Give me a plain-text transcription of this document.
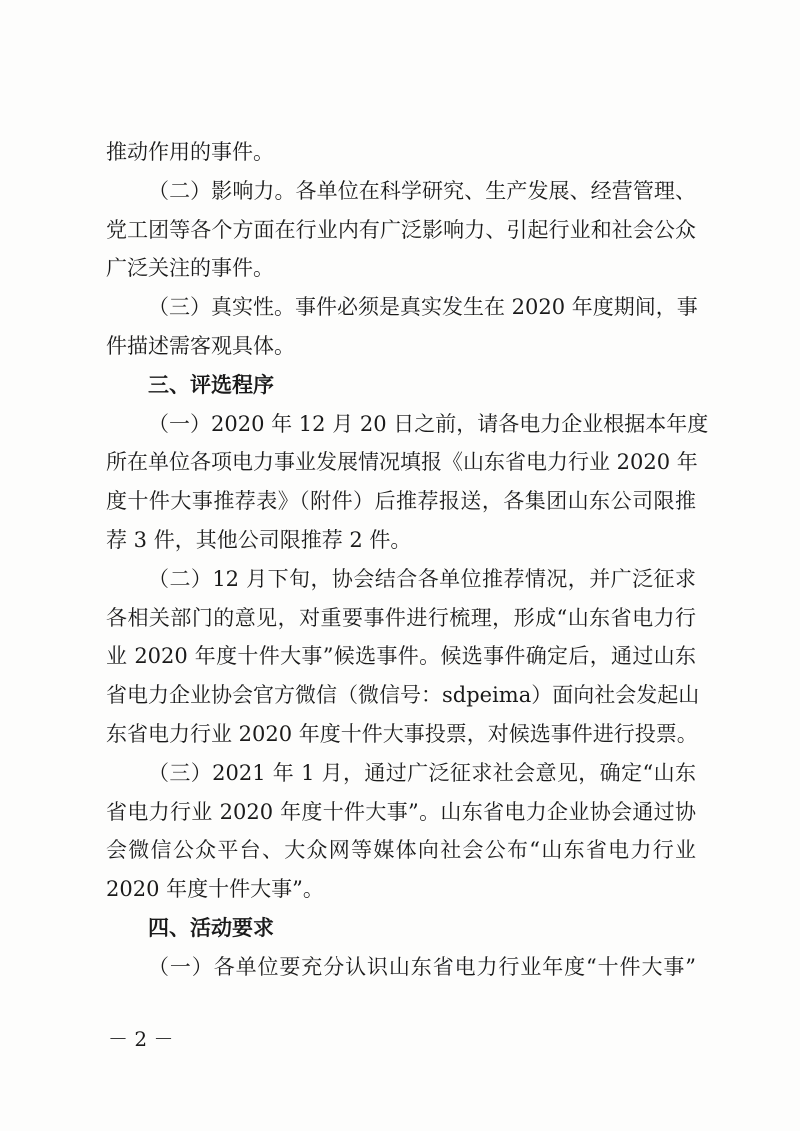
推动作用的事件。
（二）影响力。各单位在科学研究、生产发展、经营管理、
党工团等各个方面在行业内有广泛影响力、引起行业和社会公众
广泛关注的事件。
（三）真实性。事件必须是真实发生在 2020 年度期间，事
件描述需客观具体。
三、评选程序
（一）2020 年 12 月 20 日之前，请各电力企业根据本年度
所在单位各项电力事业发展情况填报《山东省电力行业 2020 年
度十件大事推荐表》（附件）后推荐报送，各集团山东公司限推
荐 3 件，其他公司限推荐 2 件。
（二）12 月下旬，协会结合各单位推荐情况，并广泛征求
各相关部门的意见，对重要事件进行梳理，形成“山东省电力行
业 2020 年度十件大事”候选事件。候选事件确定后，通过山东
省电力企业协会官方微信（微信号：sdpeima）面向社会发起山
东省电力行业 2020 年度十件大事投票，对候选事件进行投票。
（三）2021 年 1 月，通过广泛征求社会意见，确定“山东
省电力行业 2020 年度十件大事”。山东省电力企业协会通过协
会微信公众平台、大众网等媒体向社会公布“山东省电力行业
2020 年度十件大事”。
四、活动要求
（一）各单位要充分认识山东省电力行业年度“十件大事”
－ 2 －
